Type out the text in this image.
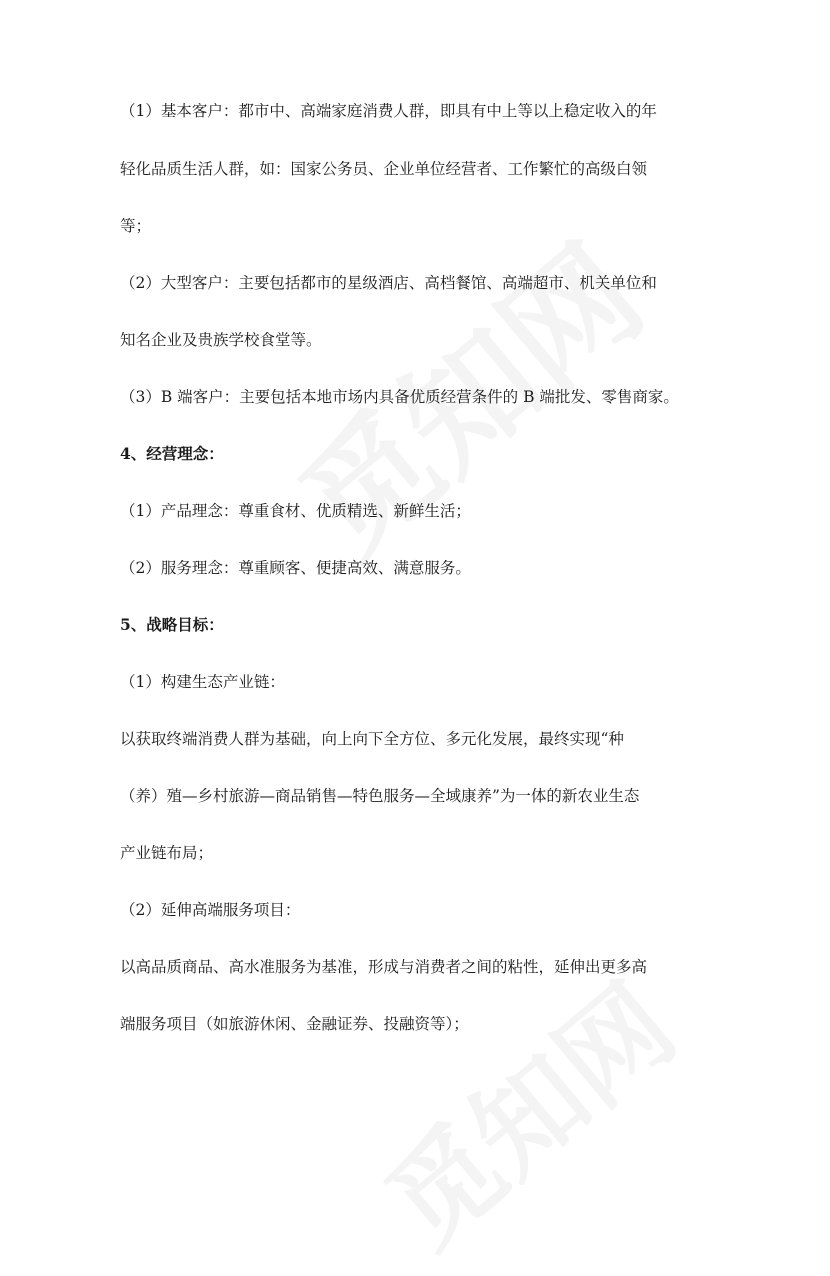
（1）基本客户：都市中、高端家庭消费人群，即具有中上等以上稳定收入的年
轻化品质生活人群，如：国家公务员、企业单位经营者、工作繁忙的高级白领
等；
（2）大型客户：主要包括都市的星级酒店、高档餐馆、高端超市、机关单位和
知名企业及贵族学校食堂等。
（3）B 端客户：主要包括本地市场内具备优质经营条件的 B 端批发、零售商家。
4、经营理念：
（1）产品理念：尊重食材、优质精选、新鲜生活；
（2）服务理念：尊重顾客、便捷高效、满意服务。
5、战略目标：
（1）构建生态产业链：
以获取终端消费人群为基础，向上向下全方位、多元化发展，最终实现“种
（养）殖—乡村旅游—商品销售—特色服务—全域康养”为一体的新农业生态
产业链布局；
（2）延伸高端服务项目：
以高品质商品、高水准服务为基准，形成与消费者之间的粘性，延伸出更多高
端服务项目（如旅游休闲、金融证券、投融资等）；
